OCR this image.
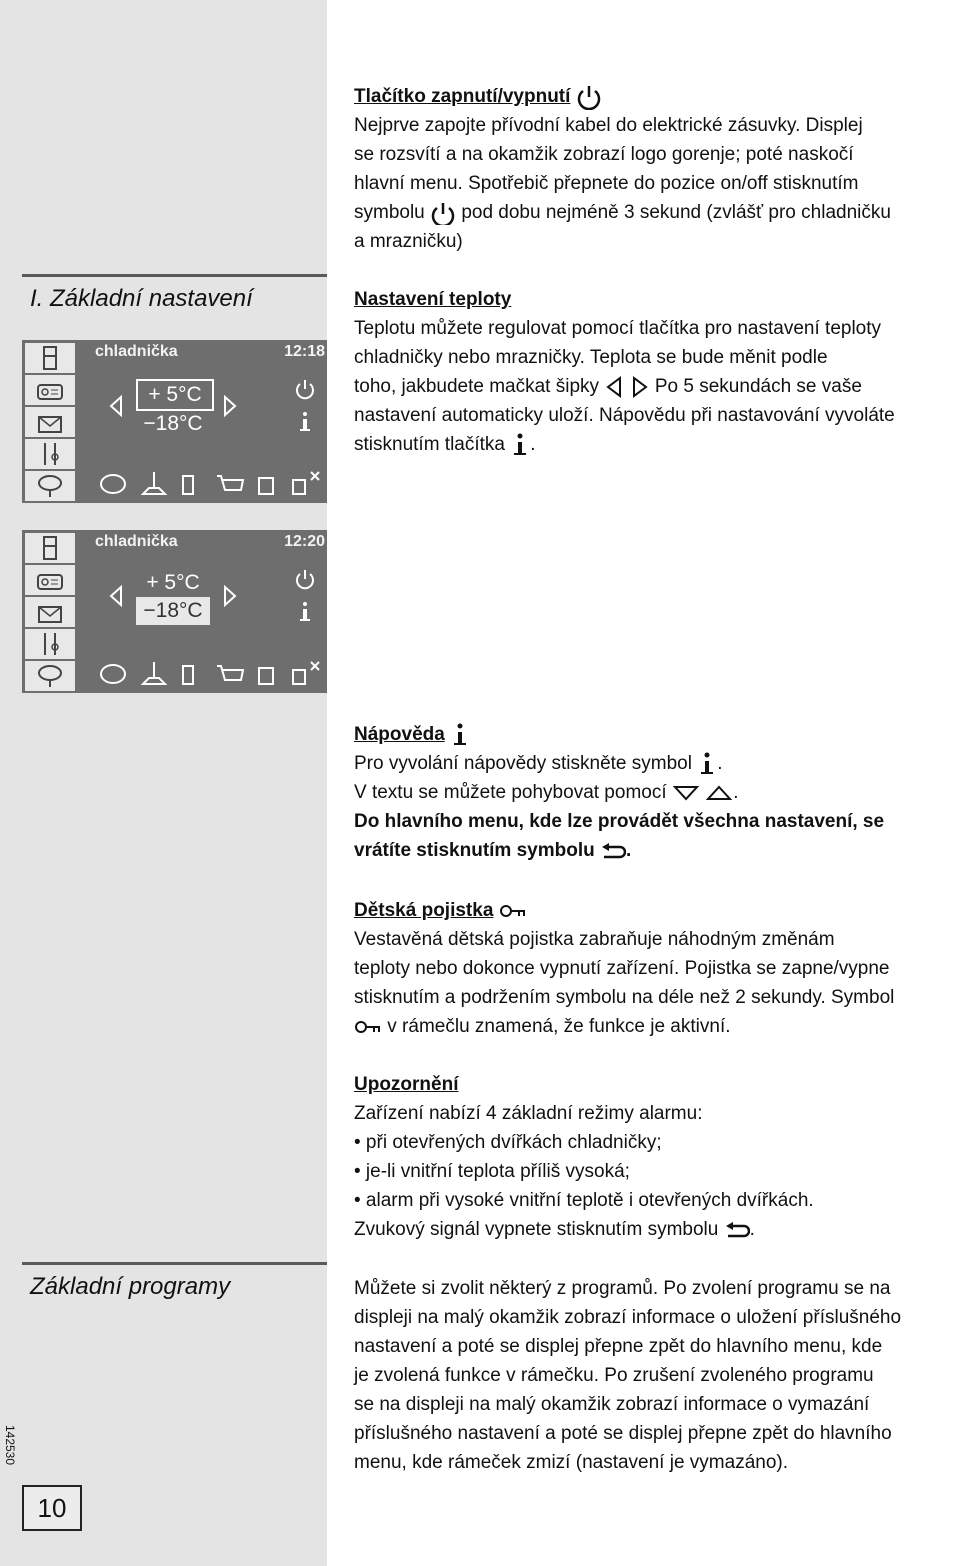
I. Základní nastavení
Základní programy
10
142530
chladnička	12:18
+ 5°C
−18°C
chladnička	12:20
+ 5°C
−18°C

Tlačítko zapnutí/vypnutí

Nejprve zapojte přívodní kabel do elektrické zásuvky. Displej

se rozsvítí a na okamžik zobrazí logo gorenje; poté naskočí

hlavní menu. Spotřebič přepnete do pozice on/off stisknutím

symbolu pod dobu nejméně 3 sekund (zvlášť pro chladničku

a mrazničku)

Nastavení teploty

Teplotu můžete regulovat pomocí tlačítka pro nastavení teploty

chladničky nebo mrazničky. Teplota se bude měnit podle

toho, jakbudete mačkat šipky	Po 5 sekundách se vaše

nastavení automaticky uloží. Nápovědu při nastavování vyvoláte

stisknutím tlačítka .

Nápověda

Pro vyvolání nápovědy stiskněte symbol .

V textu se můžete pohybovat pomocí	.

Do hlavního menu, kde lze provádět všechna nastavení, se

vrátíte stisknutím symbolu .

Dětská pojistka

Vestavěná dětská pojistka zabraňuje náhodným změnám

teploty nebo dokonce vypnutí zařízení. Pojistka se zapne/vypne

stisknutím a podržením symbolu na déle než 2 sekundy. Symbol

v rámečlu znamená, že funkce je aktivní.

Upozornění

Zařízení nabízí 4 základní režimy alarmu:

• při otevřených dvířkách chladničky;

• je-li vnitřní teplota příliš vysoká;

• alarm při vysoké vnitřní teplotě i otevřených dvířkách.

Zvukový signál vypnete stisknutím symbolu .

Můžete si zvolit některý z programů. Po zvolení programu se na

displeji na malý okamžik zobrazí informace o uložení příslušného

nastavení a poté se displej přepne zpět do hlavního menu, kde

je zvolená funkce v rámečku. Po zrušení zvoleného programu

se na displeji na malý okamžik zobrazí informace o vymazání

příslušného nastavení a poté se displej přepne zpět do hlavního

menu, kde rámeček zmizí (nastavení je vymazáno).
